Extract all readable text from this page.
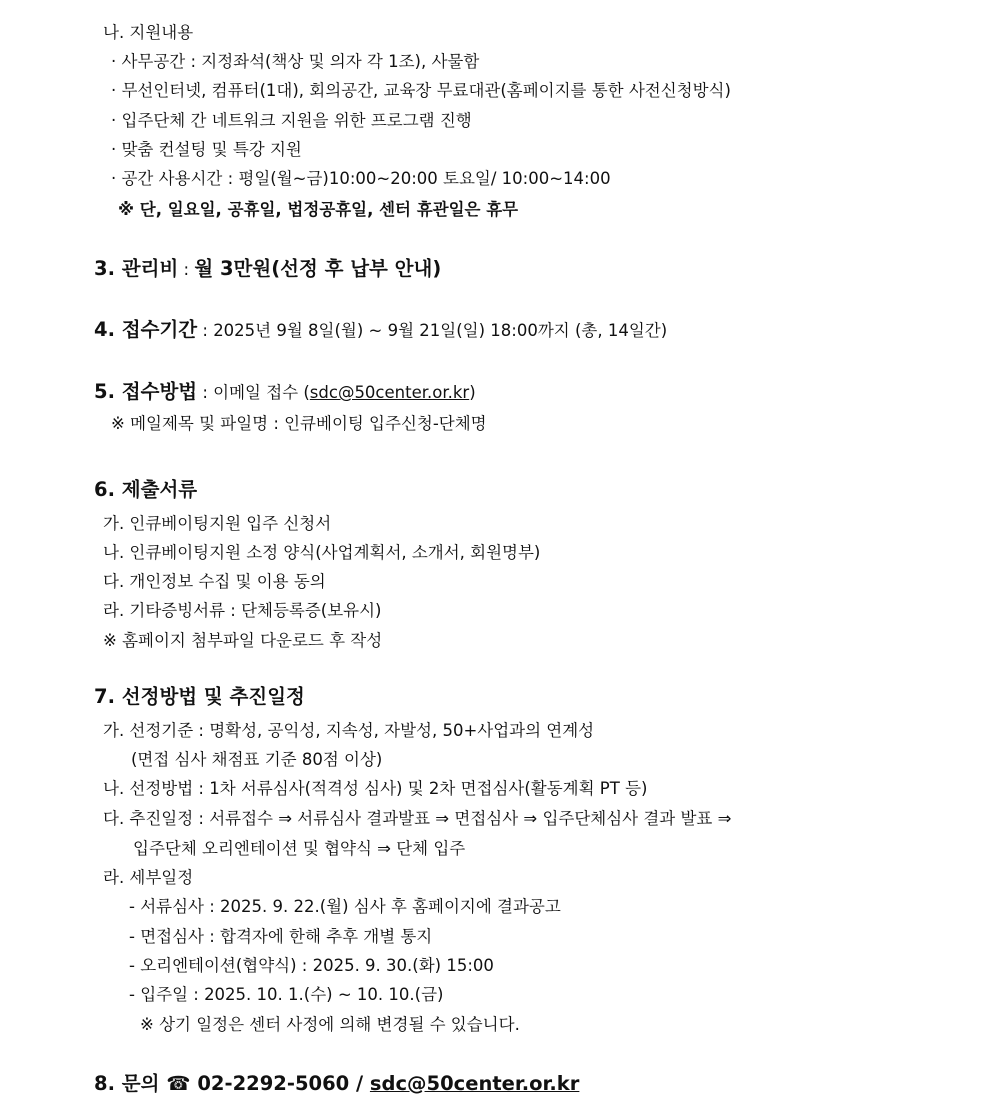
나. 지원내용
· 사무공간 : 지정좌석(책상 및 의자 각 1조), 사물함
· 무선인터넷, 컴퓨터(1대), 회의공간, 교육장 무료대관(홈페이지를 통한 사전신청방식)
· 입주단체 간 네트워크 지원을 위한 프로그램 진행
· 맞춤 컨설팅 및 특강 지원
· 공간 사용시간 : 평일(월~금)10:00~20:00 토요일/ 10:00~14:00
※ 단, 일요일, 공휴일, 법정공휴일, 센터 휴관일은 휴무
3. 관리비 : 월 3만원(선정 후 납부 안내)
4. 접수기간 : 2025년 9월 8일(월) ~ 9월 21일(일) 18:00까지 (총, 14일간)
5. 접수방법 : 이메일 접수 (sdc@50center.or.kr)
※ 메일제목 및 파일명 : 인큐베이팅 입주신청-단체명
6. 제출서류
가. 인큐베이팅지원 입주 신청서
나. 인큐베이팅지원 소정 양식(사업계획서, 소개서, 회원명부)
다. 개인정보 수집 및 이용 동의
라. 기타증빙서류 : 단체등록증(보유시)
※ 홈페이지 첨부파일 다운로드 후 작성
7. 선정방법 및 추진일정
가. 선정기준 : 명확성, 공익성, 지속성, 자발성, 50+사업과의 연계성
(면접 심사 채점표 기준 80점 이상)
나. 선정방법 : 1차 서류심사(적격성 심사) 및 2차 면접심사(활동계획 PT 등)
다. 추진일정 : 서류접수 ⇒ 서류심사 결과발표 ⇒ 면접심사 ⇒ 입주단체심사 결과 발표 ⇒
입주단체 오리엔테이션 및 협약식 ⇒ 단체 입주
라. 세부일정
- 서류심사 : 2025. 9. 22.(월) 심사 후 홈페이지에 결과공고
- 면접심사 : 합격자에 한해 추후 개별 통지
- 오리엔테이션(협약식) : 2025. 9. 30.(화) 15:00
- 입주일 : 2025. 10. 1.(수) ~ 10. 10.(금)
※ 상기 일정은 센터 사정에 의해 변경될 수 있습니다.
8. 문의 ☎ 02-2292-5060 / sdc@50center.or.kr
